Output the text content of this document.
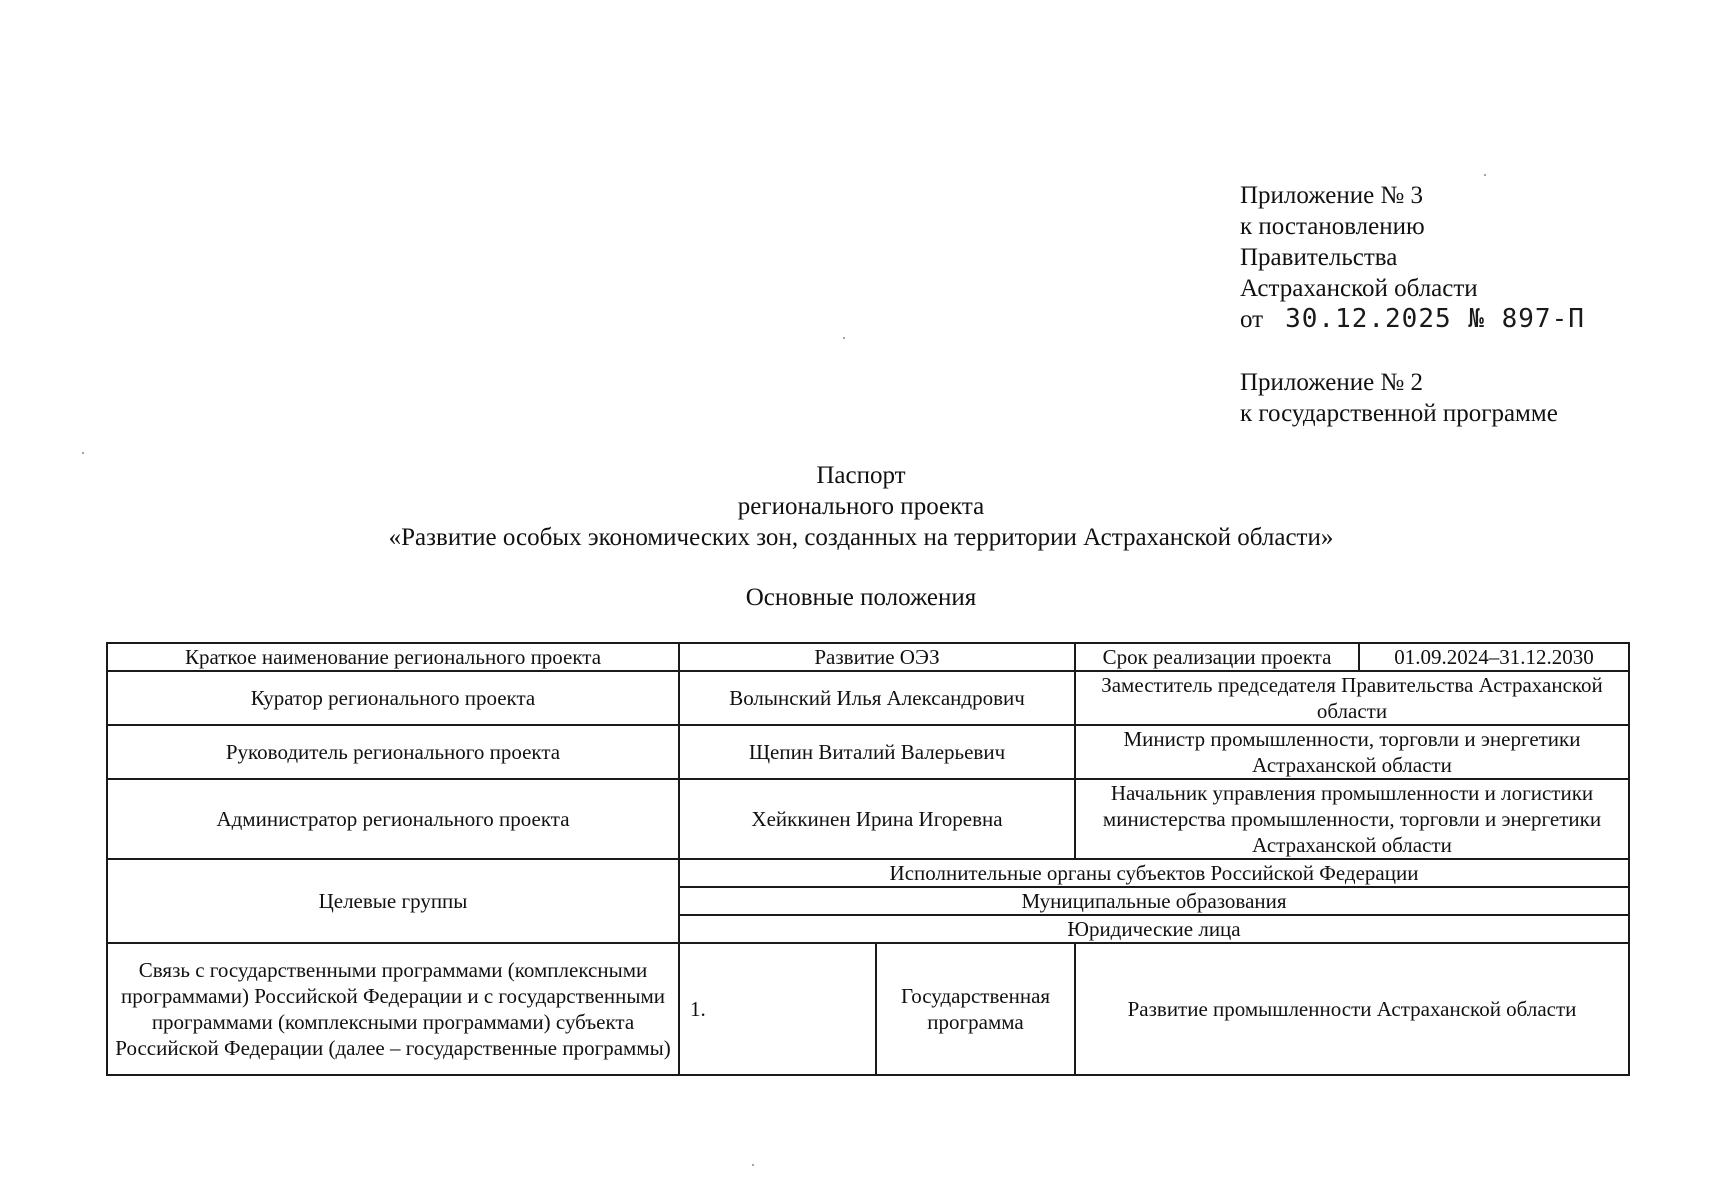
Приложение № 3
к постановлению
Правительства
Астраханской области
от 30.12.2025 № 897-П
Приложение № 2
к государственной программе
Паспорт
регионального проекта
«Развитие особых экономических зон, созданных на территории Астраханской области»
Основные положения
Краткое наименование регионального проекта	Развитие ОЭЗ		Срок реализации проекта	01.09.2024–31.12.2030
Куратор регионального проекта	Волынский Илья Александрович		Заместитель председателя Правительства Астраханской области	
Руководитель регионального проекта	Щепин Виталий Валерьевич		Министр промышленности, торговли и энергетики Астраханской области	
Администратор регионального проекта	Хейккинен Ирина Игоревна		Начальник управления промышленности и логистики министерства промышленности, торговли и энергетики Астраханской области	
Целевые группы	Исполнительные органы субъектов Российской Федерации			
	Муниципальные образования			
	Юридические лица			
Связь с государственными программами (комплексными программами) Российской Федерации и с государственными программами (комплексными программами) субъекта Российской Федерации (далее – государственные программы)	1.	Государственная программа	Развитие промышленности Астраханской области	
